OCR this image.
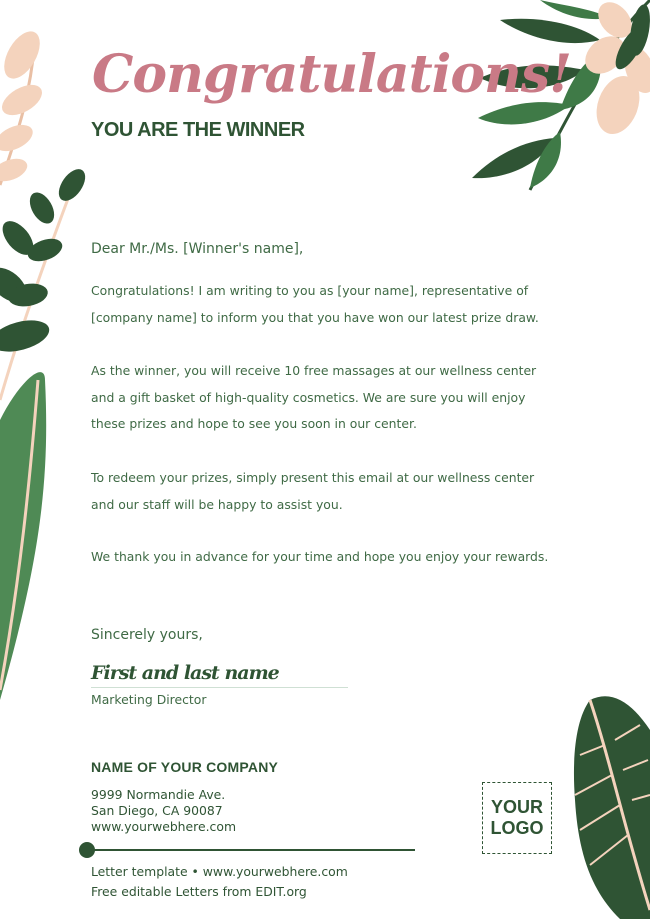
Congratulations!
YOU ARE THE WINNER
Dear Mr./Ms. [Winner's name],

Congratulations! I am writing to you as [your name], representative of [company name] to inform you that you have won our latest prize draw.

As the winner, you will receive 10 free massages at our wellness center and a gift basket of high-quality cosmetics. We are sure you will enjoy these prizes and hope to see you soon in our center.

To redeem your prizes, simply present this email at our wellness center and our staff will be happy to assist you.

We thank you in advance for your time and hope you enjoy your rewards.

Sincerely yours,
First and last name
Marketing Director
NAME OF YOUR COMPANY
9999 Normandie Ave.
San Diego, CA 90087
www.yourwebhere.com
Letter template • www.yourwebhere.com
Free editable Letters from EDIT.org
YOUR
LOGO
